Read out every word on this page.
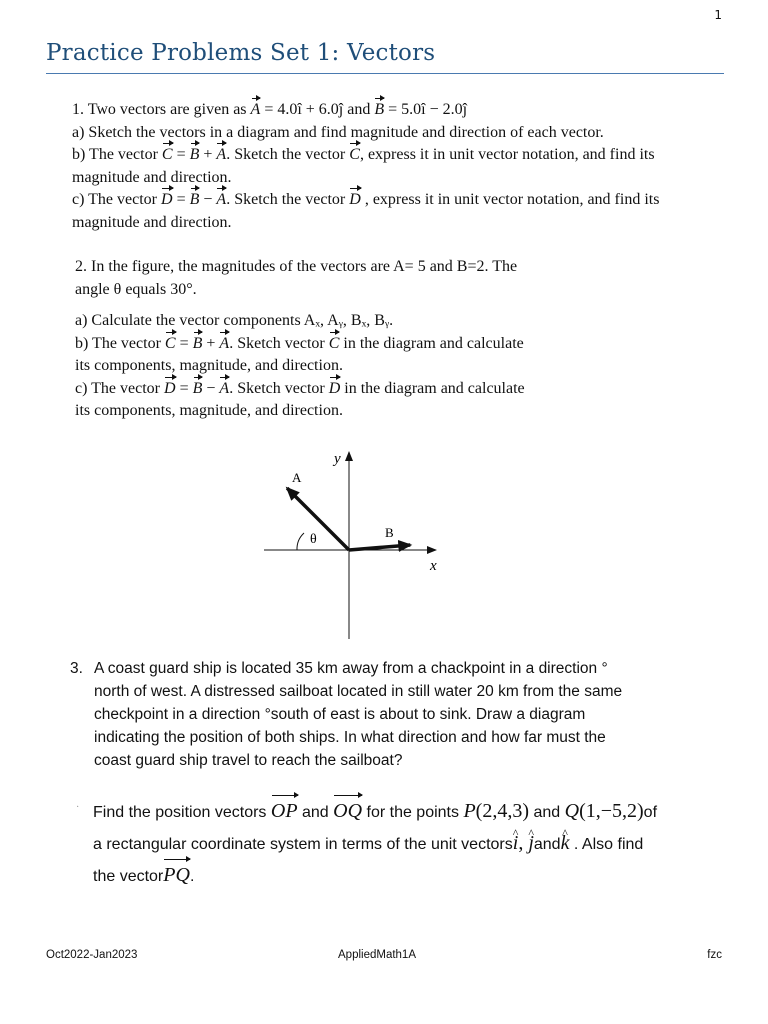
1
Practice Problems Set 1: Vectors
1. Two vectors are given as A = 4.0î + 6.0ĵ and B = 5.0î − 2.0ĵ
a) Sketch the vectors in a diagram and find magnitude and direction of each vector.
b) The vector C = B + A. Sketch the vector C, express it in unit vector notation, and find its
magnitude and direction.
c) The vector D = B − A. Sketch the vector D , express it in unit vector notation, and find its
magnitude and direction.
2. In the figure, the magnitudes of the vectors are A= 5 and B=2. The
angle θ equals 30°.
a) Calculate the vector components Aₓ, Aᵧ, Bₓ, Bᵧ.
b) The vector C = B + A. Sketch vector C in the diagram and calculate
its components, magnitude, and direction.
c) The vector D = B − A. Sketch vector D in the diagram and calculate
its components, magnitude, and direction.
θ
A
B
y
x
3. A coast guard ship is located 35 km away from a chackpoint in a direction °
north of west. A distressed sailboat located in still water 20 km from the same
checkpoint in a direction °south of east is about to sink. Draw a diagram
indicating the position of both ships. In what direction and how far must the
coast guard ship travel to reach the sailboat?
· Find the position vectors OP and OQ for the points P(2,4,3) and Q(1,−5,2)of
a rectangular coordinate system in terms of the unit vectors^ i, ^ jand^ k . Also find
the vectorPQ.
Oct2022-Jan2023	AppliedMath1A	fzc
